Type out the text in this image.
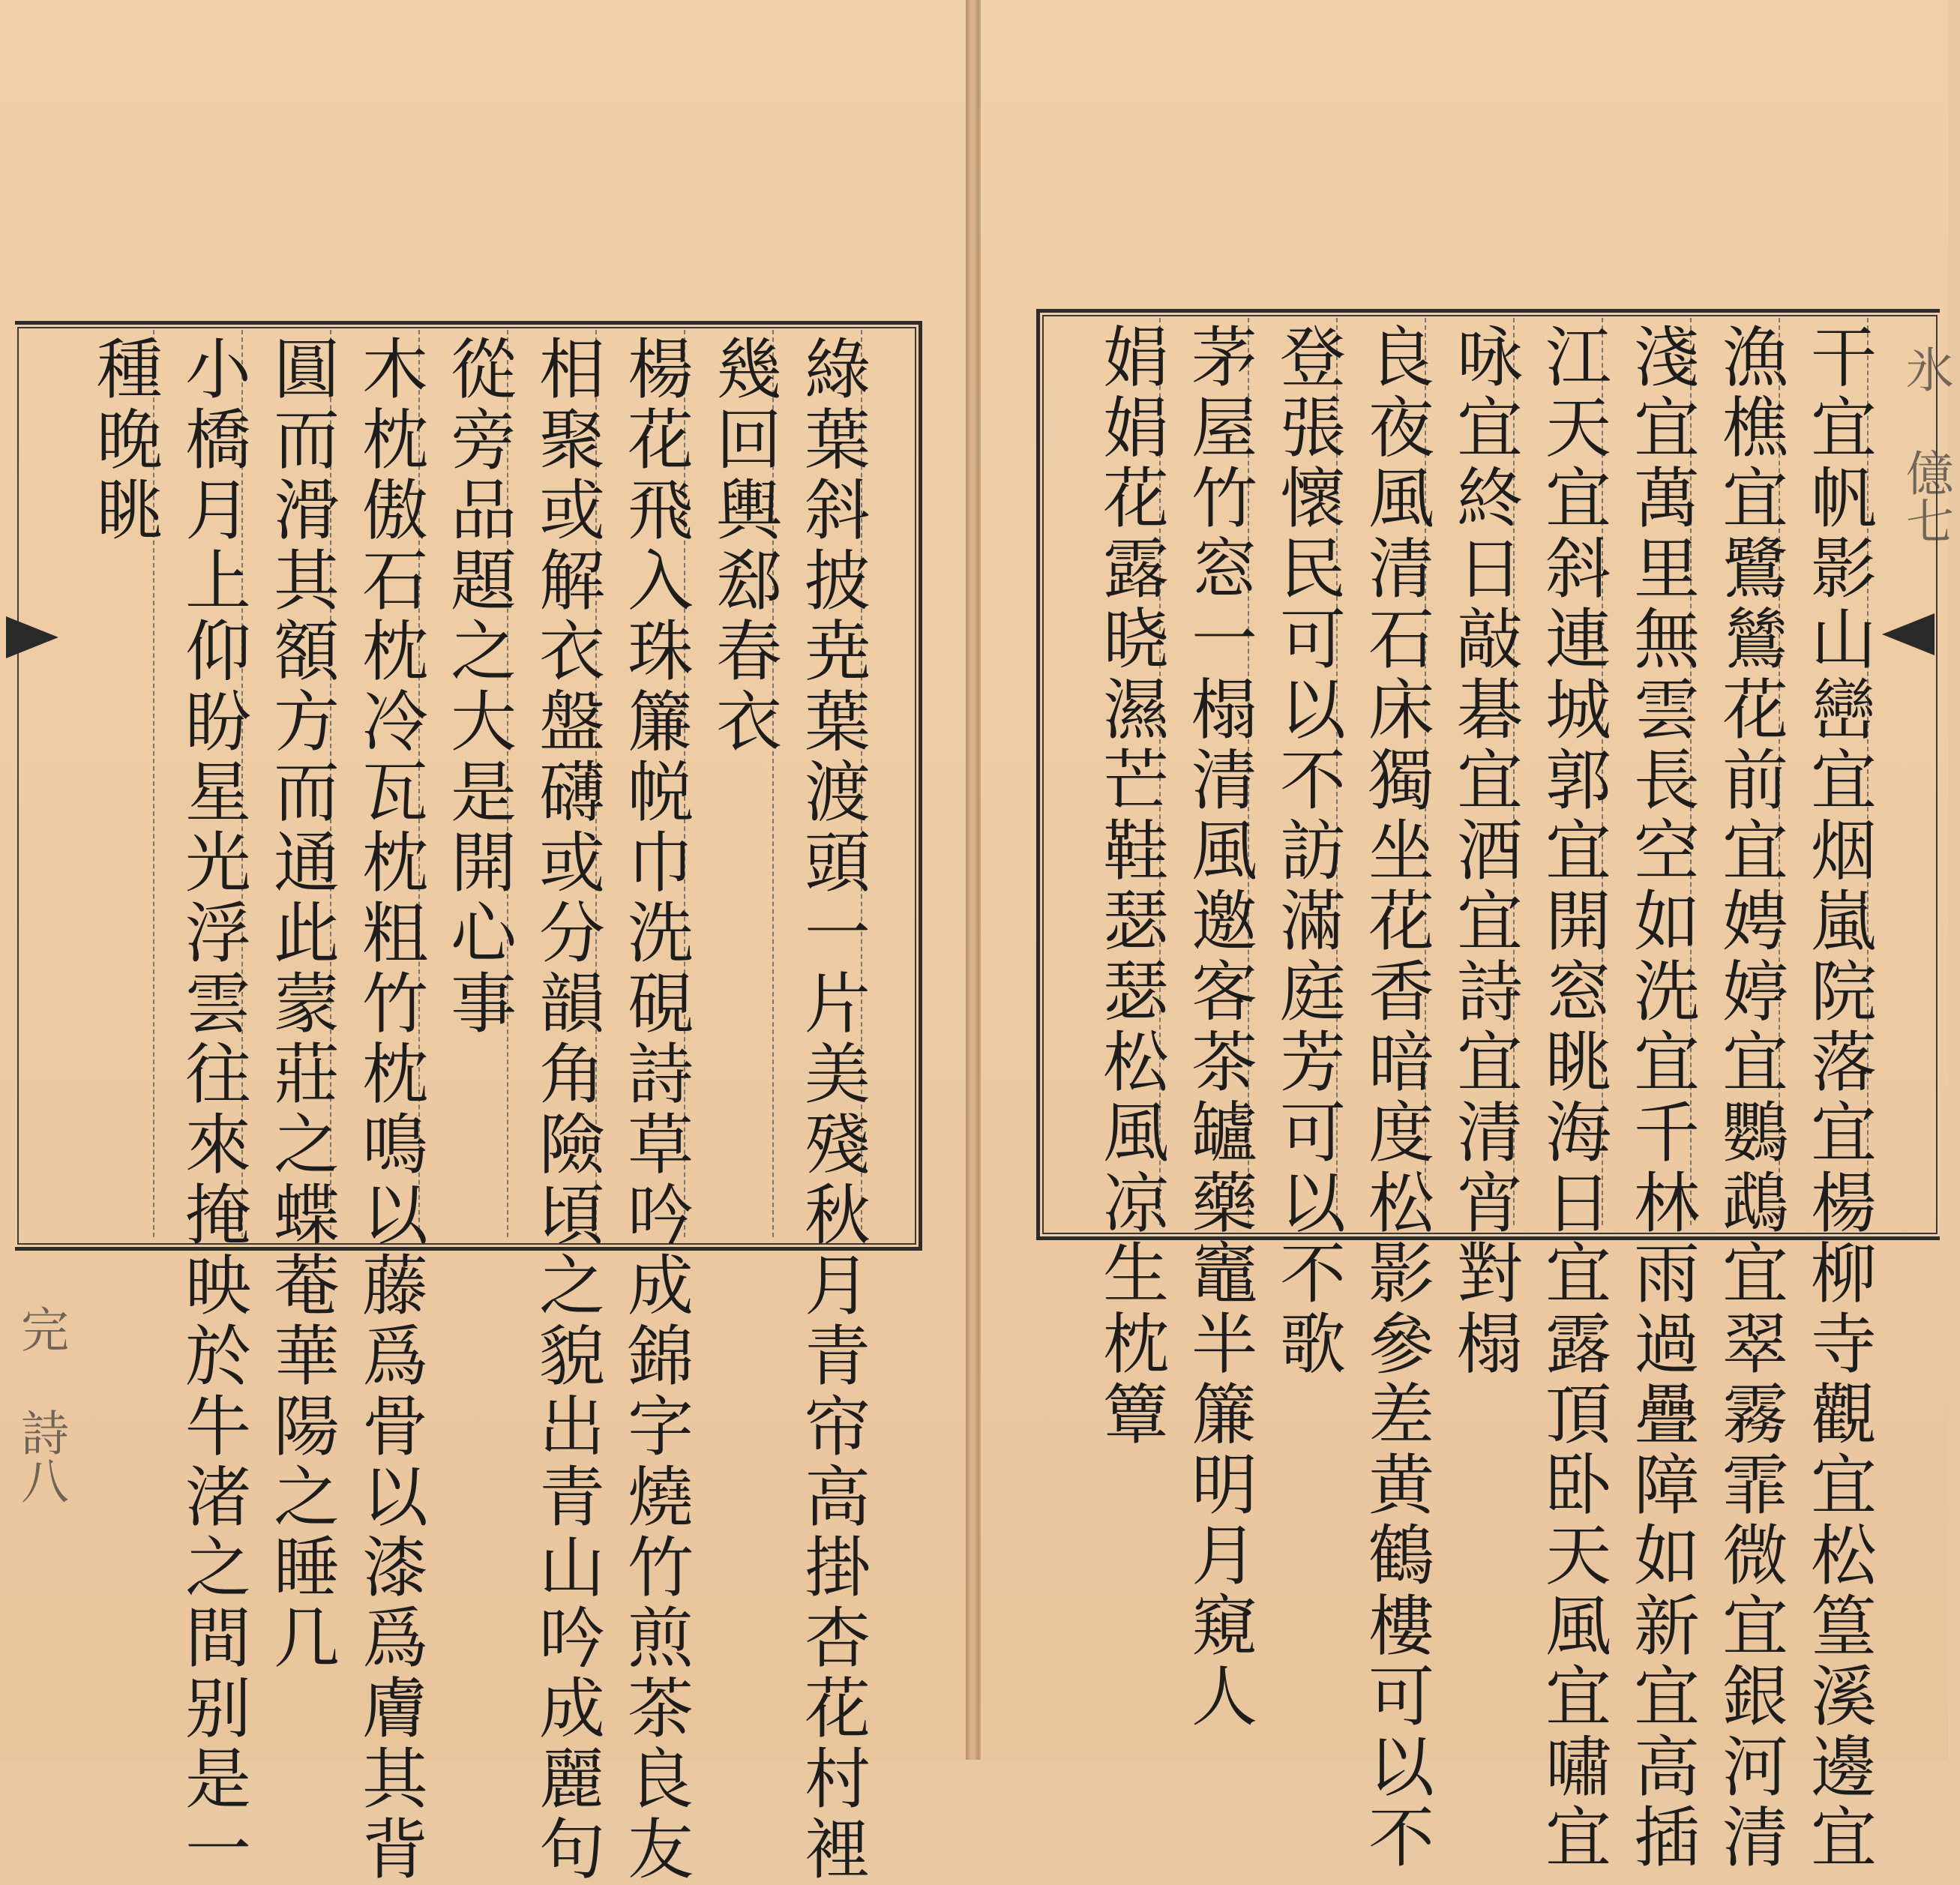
完 詩八
氷 億七
綠葉斜披尭葉渡頭一片美殘秋月青帘高掛杏花村裡
幾回輿郄春衣
楊花飛入珠簾帨巾洗硯詩草吟成錦字燒竹煎茶良友
相聚或解衣盤礴或分韻角險頃之貌出青山吟成麗句
從旁品題之大是開心事
木枕傲石枕冷瓦枕粗竹枕鳴以藤爲骨以漆爲膚其背
圓而滑其額方而通此蒙莊之蝶菴華陽之睡几
小橋月上仰盼星光浮雲往來掩映於牛渚之間别是一
種晚眺	干宜帆影山巒宜烟嵐院落宜楊柳寺觀宜松篁溪邊宜
漁樵宜鷺鷥花前宜娉婷宜鸚鵡宜翠霧霏微宜銀河清
淺宜萬里無雲長空如洗宜千林雨過疊障如新宜高插
江天宜斜連城郭宜開窓眺海日宜露頂卧天風宜嘯宜
咏宜終日敲碁宜酒宜詩宜清宵對榻
良夜風清石床獨坐花香暗度松影參差黄鶴樓可以不
登張懷民可以不訪滿庭芳可以不歌
茅屋竹窓一榻清風邀客茶罏藥竈半簾明月窺人
娟娟花露晓濕芒鞋瑟瑟松風凉生枕簟
